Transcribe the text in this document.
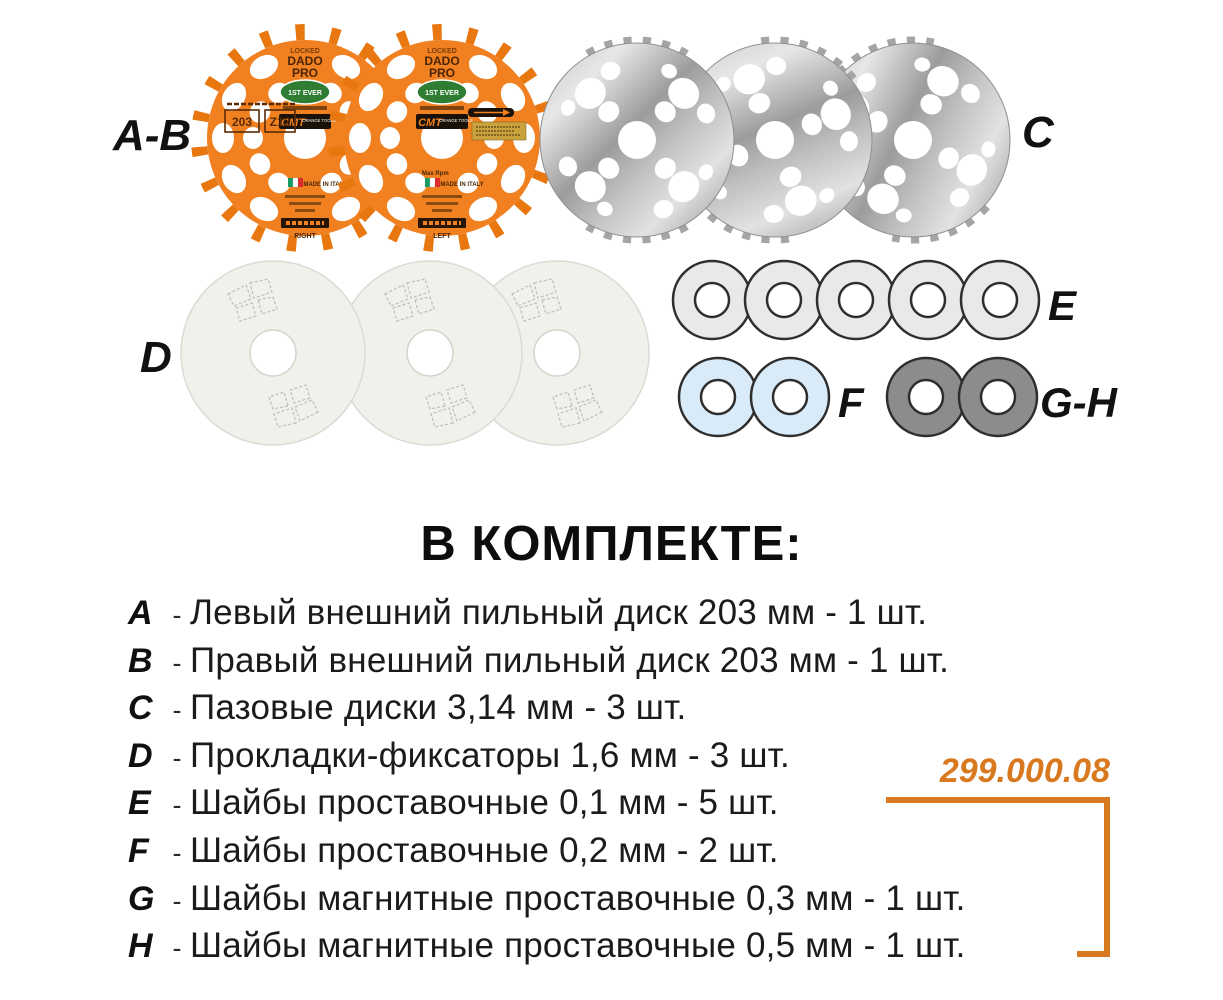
LOCKED
DADO
PRO
1ST EVER
CMT
ORANGE TOOLS
MADE IN ITALY
A-B	203 Z12
RIGHT
Max Rpm
LEFT
C
D
E
F	G-H
В КОМПЛЕКТЕ:
A - Левый внешний пильный диск 203 мм - 1 шт.
B - Правый внешний пильный диск 203 мм - 1 шт.
C - Пазовые диски 3,14 мм - 3 шт.
D - Прокладки-фиксаторы 1,6 мм - 3 шт.
E - Шайбы проставочные 0,1 мм - 5 шт.
F - Шайбы проставочные 0,2 мм - 2 шт.
G - Шайбы магнитные проставочные 0,3 мм - 1 шт.
H - Шайбы магнитные проставочные 0,5 мм - 1 шт.
299.000.08
